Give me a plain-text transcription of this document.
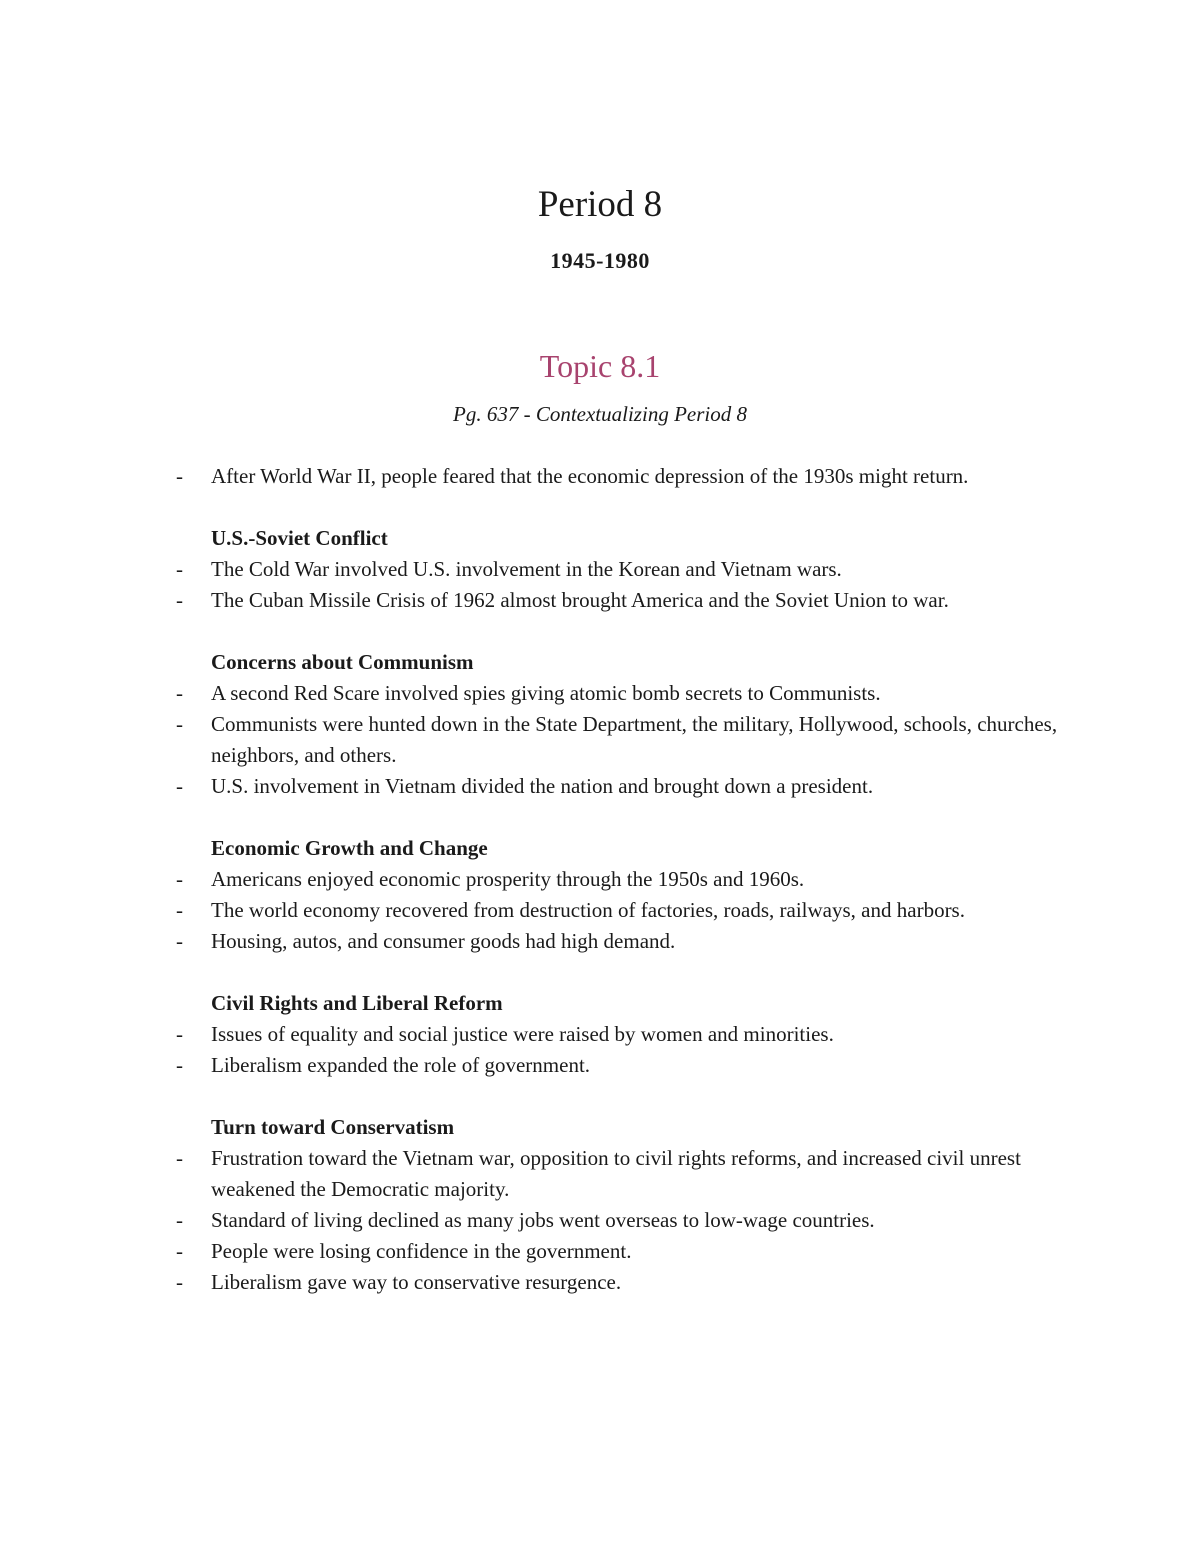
Period 8
1945-1980
Topic 8.1
Pg. 637 - Contextualizing Period 8
- After World War II, people feared that the economic depression of the 1930s might return.
U.S.-Soviet Conflict
- The Cold War involved U.S. involvement in the Korean and Vietnam wars.
- The Cuban Missile Crisis of 1962 almost brought America and the Soviet Union to war.
Concerns about Communism
- A second Red Scare involved spies giving atomic bomb secrets to Communists.
- Communists were hunted down in the State Department, the military, Hollywood, schools, churches, neighbors, and others.
- U.S. involvement in Vietnam divided the nation and brought down a president.
Economic Growth and Change
- Americans enjoyed economic prosperity through the 1950s and 1960s.
- The world economy recovered from destruction of factories, roads, railways, and harbors.
- Housing, autos, and consumer goods had high demand.
Civil Rights and Liberal Reform
- Issues of equality and social justice were raised by women and minorities.
- Liberalism expanded the role of government.
Turn toward Conservatism
- Frustration toward the Vietnam war, opposition to civil rights reforms, and increased civil unrest weakened the Democratic majority.
- Standard of living declined as many jobs went overseas to low-wage countries.
- People were losing confidence in the government.
- Liberalism gave way to conservative resurgence.
